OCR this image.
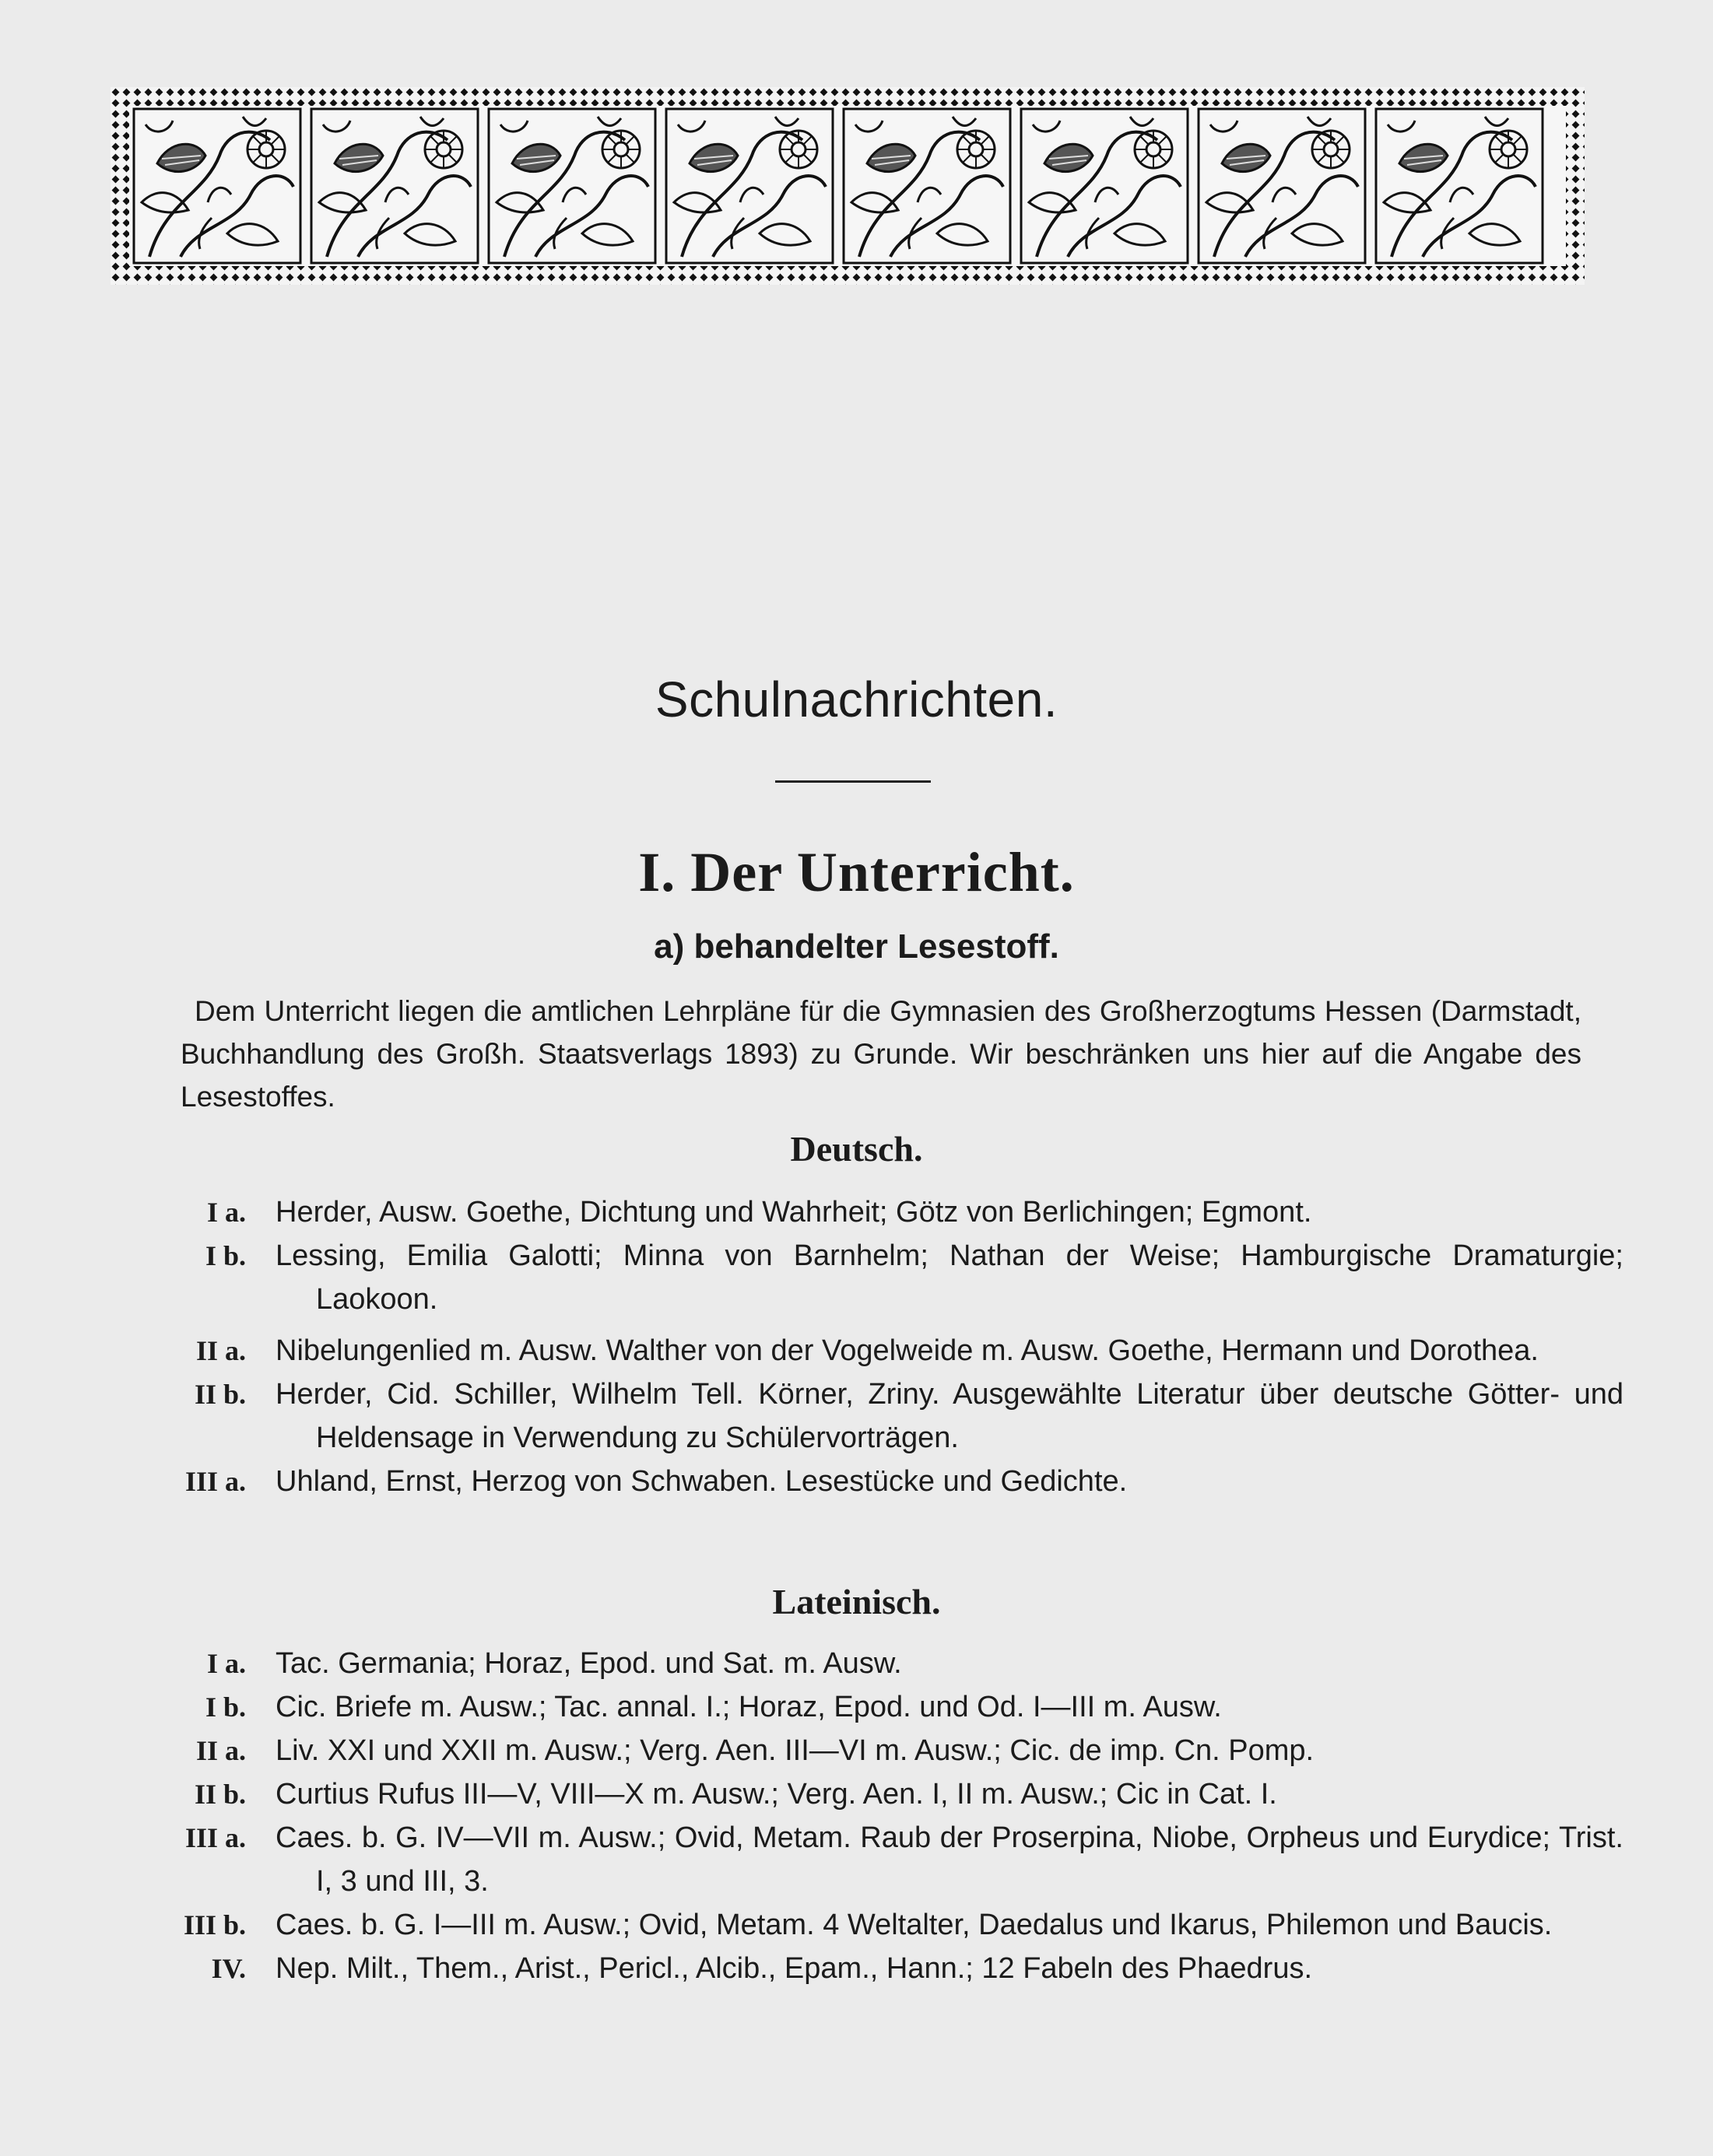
Schulnachrichten.
I. Der Unterricht.
a) behandelter Lesestoff.
Dem Unterricht liegen die amtlichen Lehrpläne für die Gymnasien des Großherzogtums Hessen (Darmstadt, Buchhandlung des Großh. Staatsverlags 1893) zu Grunde. Wir beschränken uns hier auf die Angabe des Lesestoffes.
Deutsch.
I a. Herder, Ausw. Goethe, Dichtung und Wahrheit; Götz von Berlichingen; Egmont.
I b. Lessing, Emilia Galotti; Minna von Barnhelm; Nathan der Weise; Hamburgische Dramaturgie; Laokoon.
II a. Nibelungenlied m. Ausw. Walther von der Vogelweide m. Ausw. Goethe, Hermann und Dorothea.
II b. Herder, Cid. Schiller, Wilhelm Tell. Körner, Zriny. Ausgewählte Literatur über deutsche Götter- und Heldensage in Verwendung zu Schülervorträgen.
III a. Uhland, Ernst, Herzog von Schwaben. Lesestücke und Gedichte.
Lateinisch.
I a. Tac. Germania; Horaz, Epod. und Sat. m. Ausw.
I b. Cic. Briefe m. Ausw.; Tac. annal. I.; Horaz, Epod. und Od. I—III m. Ausw.
II a. Liv. XXI und XXII m. Ausw.; Verg. Aen. III—VI m. Ausw.; Cic. de imp. Cn. Pomp.
II b. Curtius Rufus III—V, VIII—X m. Ausw.; Verg. Aen. I, II m. Ausw.; Cic in Cat. I.
III a. Caes. b. G. IV—VII m. Ausw.; Ovid, Metam. Raub der Proserpina, Niobe, Orpheus und Eurydice; Trist. I, 3 und III, 3.
III b. Caes. b. G. I—III m. Ausw.; Ovid, Metam. 4 Weltalter, Daedalus und Ikarus, Philemon und Baucis.
IV. Nep. Milt., Them., Arist., Pericl., Alcib., Epam., Hann.; 12 Fabeln des Phaedrus.
